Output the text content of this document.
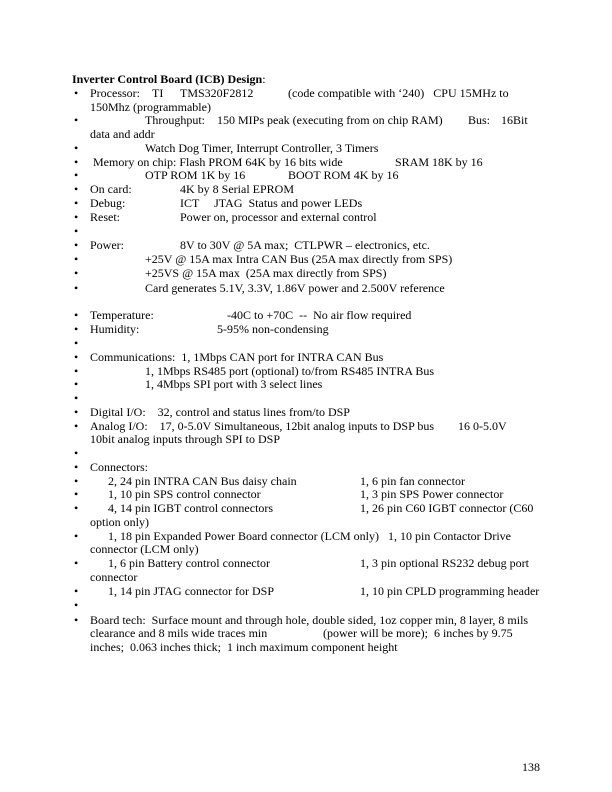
Inverter Control Board (ICB) Design:
• Processor: TI TMS320F2812	(code compatible with ‘240)   CPU 15MHz to
150Mhz (programmable)
•	Throughput:    150 MIPs peak (executing from on chip RAM) Bus: 16Bit
data and addr
•	Watch Dog Timer, Interrupt Controller, 3 Timers
• Memory on chip: Flash PROM 64K by 16 bits wide	SRAM 18K by 16
•	OTP ROM 1K by 16	BOOT ROM 4K by 16
• On card:	4K by 8 Serial EPROM
• Debug:	ICT     JTAG  Status and power LEDs
• Reset:	Power on, processor and external control
•
• Power:	8V to 30V @ 5A max;  CTLPWR – electronics, etc.
•	+25V @ 15A max Intra CAN Bus (25A max directly from SPS)
•	+25VS @ 15A max  (25A max directly from SPS)
•	Card generates 5.1V, 3.3V, 1.86V power and 2.500V reference
• Temperature:	-40C to +70C  --  No air flow required
• Humidity:	5-95% non-condensing
•
• Communications:  1, 1Mbps CAN port for INTRA CAN Bus
•	1, 1Mbps RS485 port (optional) to/from RS485 INTRA Bus
•	1, 4Mbps SPI port with 3 select lines
•
• Digital I/O:    32, control and status lines from/to DSP
• Analog I/O:    17, 0-5.0V Simultaneous, 12bit analog inputs to DSP bus 16 0-5.0V
10bit analog inputs through SPI to DSP
•
• Connectors:
• 2, 24 pin INTRA CAN Bus daisy chain	1, 6 pin fan connector
• 1, 10 pin SPS control connector	1, 3 pin SPS Power connector
• 4, 14 pin IGBT control connectors	1, 26 pin C60 IGBT connector (C60
option only)
• 1, 18 pin Expanded Power Board connector (LCM only) 1, 10 pin Contactor Drive
connector (LCM only)
• 1, 6 pin Battery control connector	1, 3 pin optional RS232 debug port
connector
• 1, 14 pin JTAG connector for DSP	1, 10 pin CPLD programming header
•
• Board tech:  Surface mount and through hole, double sided, 1oz copper min, 8 layer, 8 mils
clearance and 8 mils wide traces min	(power will be more);  6 inches by 9.75
inches;  0.063 inches thick;  1 inch maximum component height
138
